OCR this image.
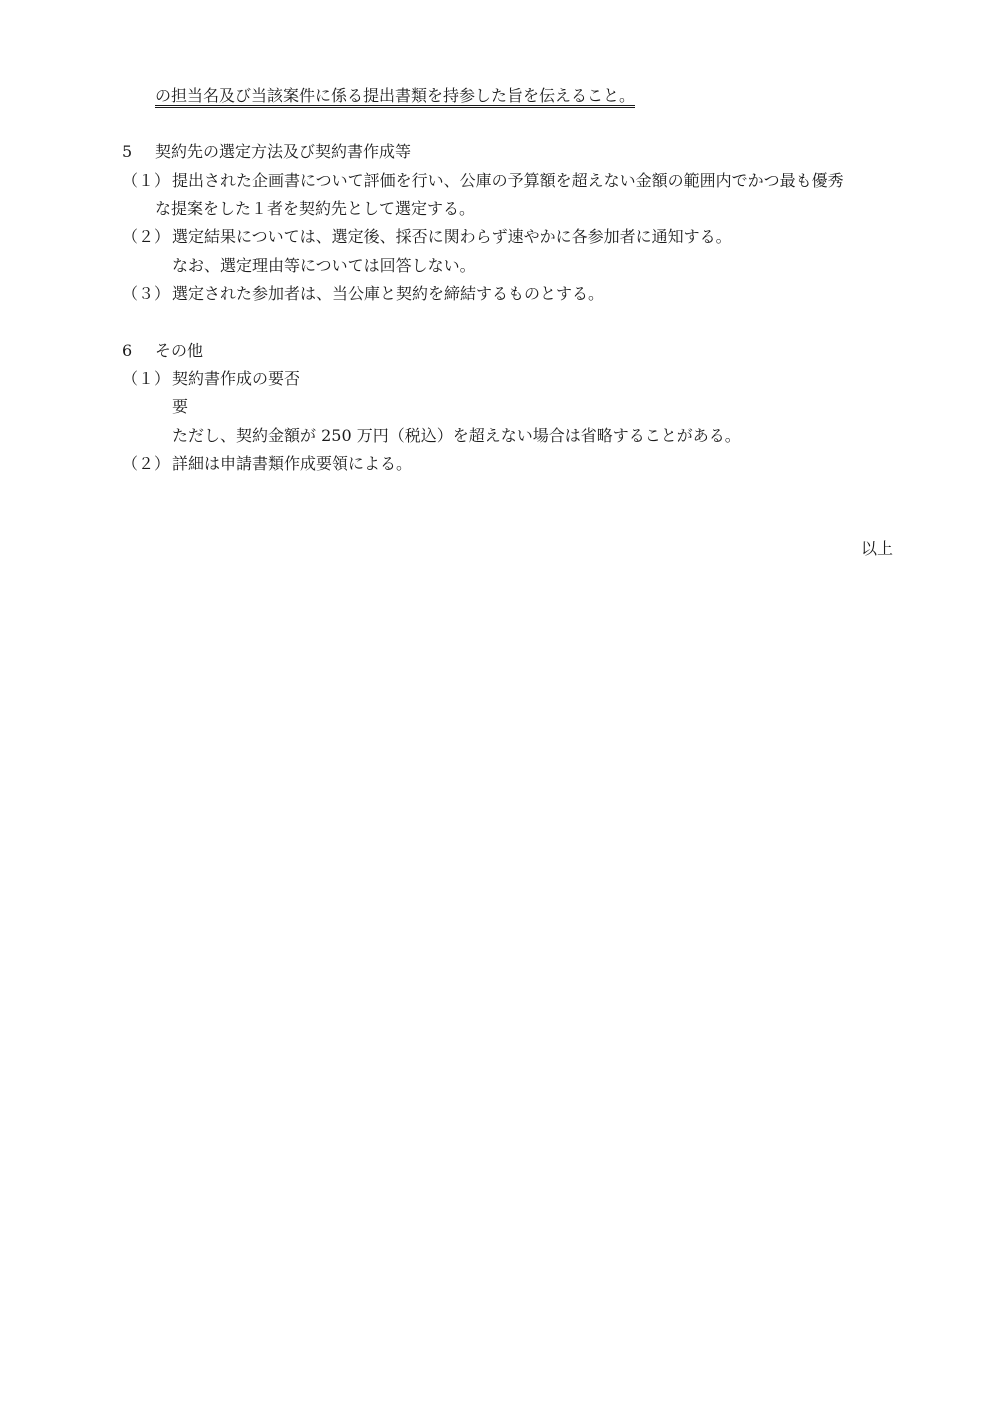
の担当名及び当該案件に係る提出書類を持参した旨を伝えること。
5 契約先の選定方法及び契約書作成等
（１） 提出された企画書について評価を行い、公庫の予算額を超えない金額の範囲内でかつ最も優秀
な提案をした１者を契約先として選定する。
（２） 選定結果については、選定後、採否に関わらず速やかに各参加者に通知する。
なお、選定理由等については回答しない。
（３） 選定された参加者は、当公庫と契約を締結するものとする。
6 その他
（１） 契約書作成の要否
要
ただし、契約金額が 250 万円（税込）を超えない場合は省略することがある。
（２） 詳細は申請書類作成要領による。
以上
